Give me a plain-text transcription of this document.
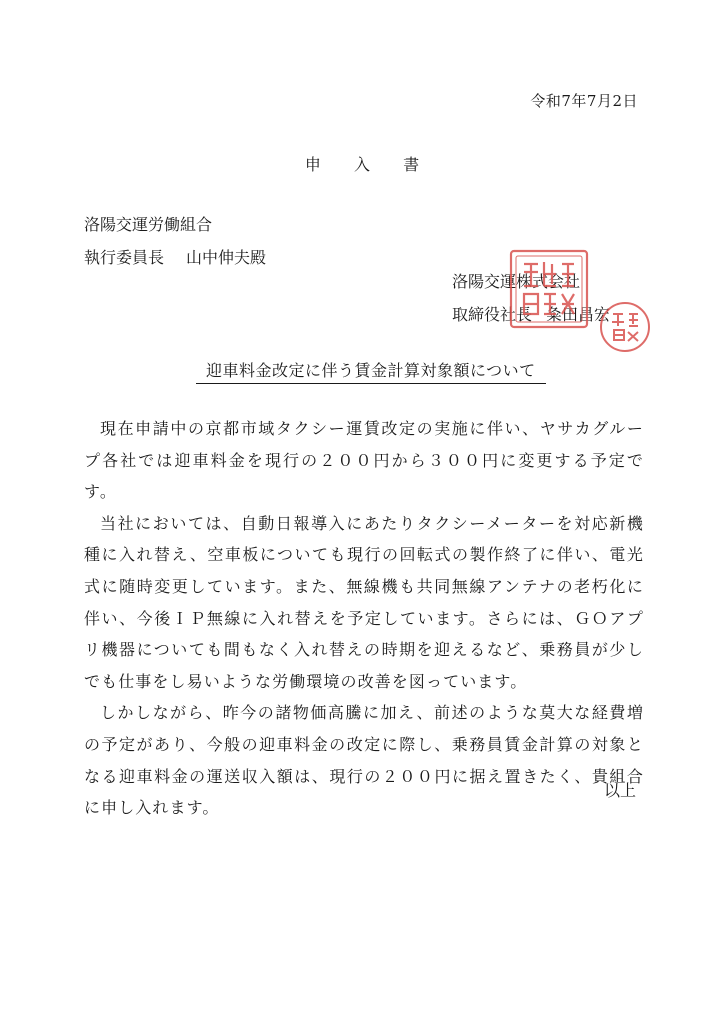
令和7年7月2日
申 入 書
洛陽交運労働組合
執行委員長 山中伸夫殿
洛陽交運株式会社
取締役社長 粂田昌宏
迎車料金改定に伴う賃金計算対象額について

現在申請中の京都市域タクシー運賃改定の実施に伴い、ヤサカグループ各社では迎車料金を現行の２００円から３００円に変更する予定です。

当社においては、自動日報導入にあたりタクシーメーターを対応新機種に入れ替え、空車板についても現行の回転式の製作終了に伴い、電光式に随時変更しています。また、無線機も共同無線アンテナの老朽化に伴い、今後ＩＰ無線に入れ替えを予定しています。さらには、ＧＯアプリ機器についても間もなく入れ替えの時期を迎えるなど、乗務員が少しでも仕事をし易いような労働環境の改善を図っています。

しかしながら、昨今の諸物価高騰に加え、前述のような莫大な経費増の予定があり、今般の迎車料金の改定に際し、乗務員賃金計算の対象となる迎車料金の運送収入額は、現行の２００円に据え置きたく、貴組合に申し入れます。

以上
